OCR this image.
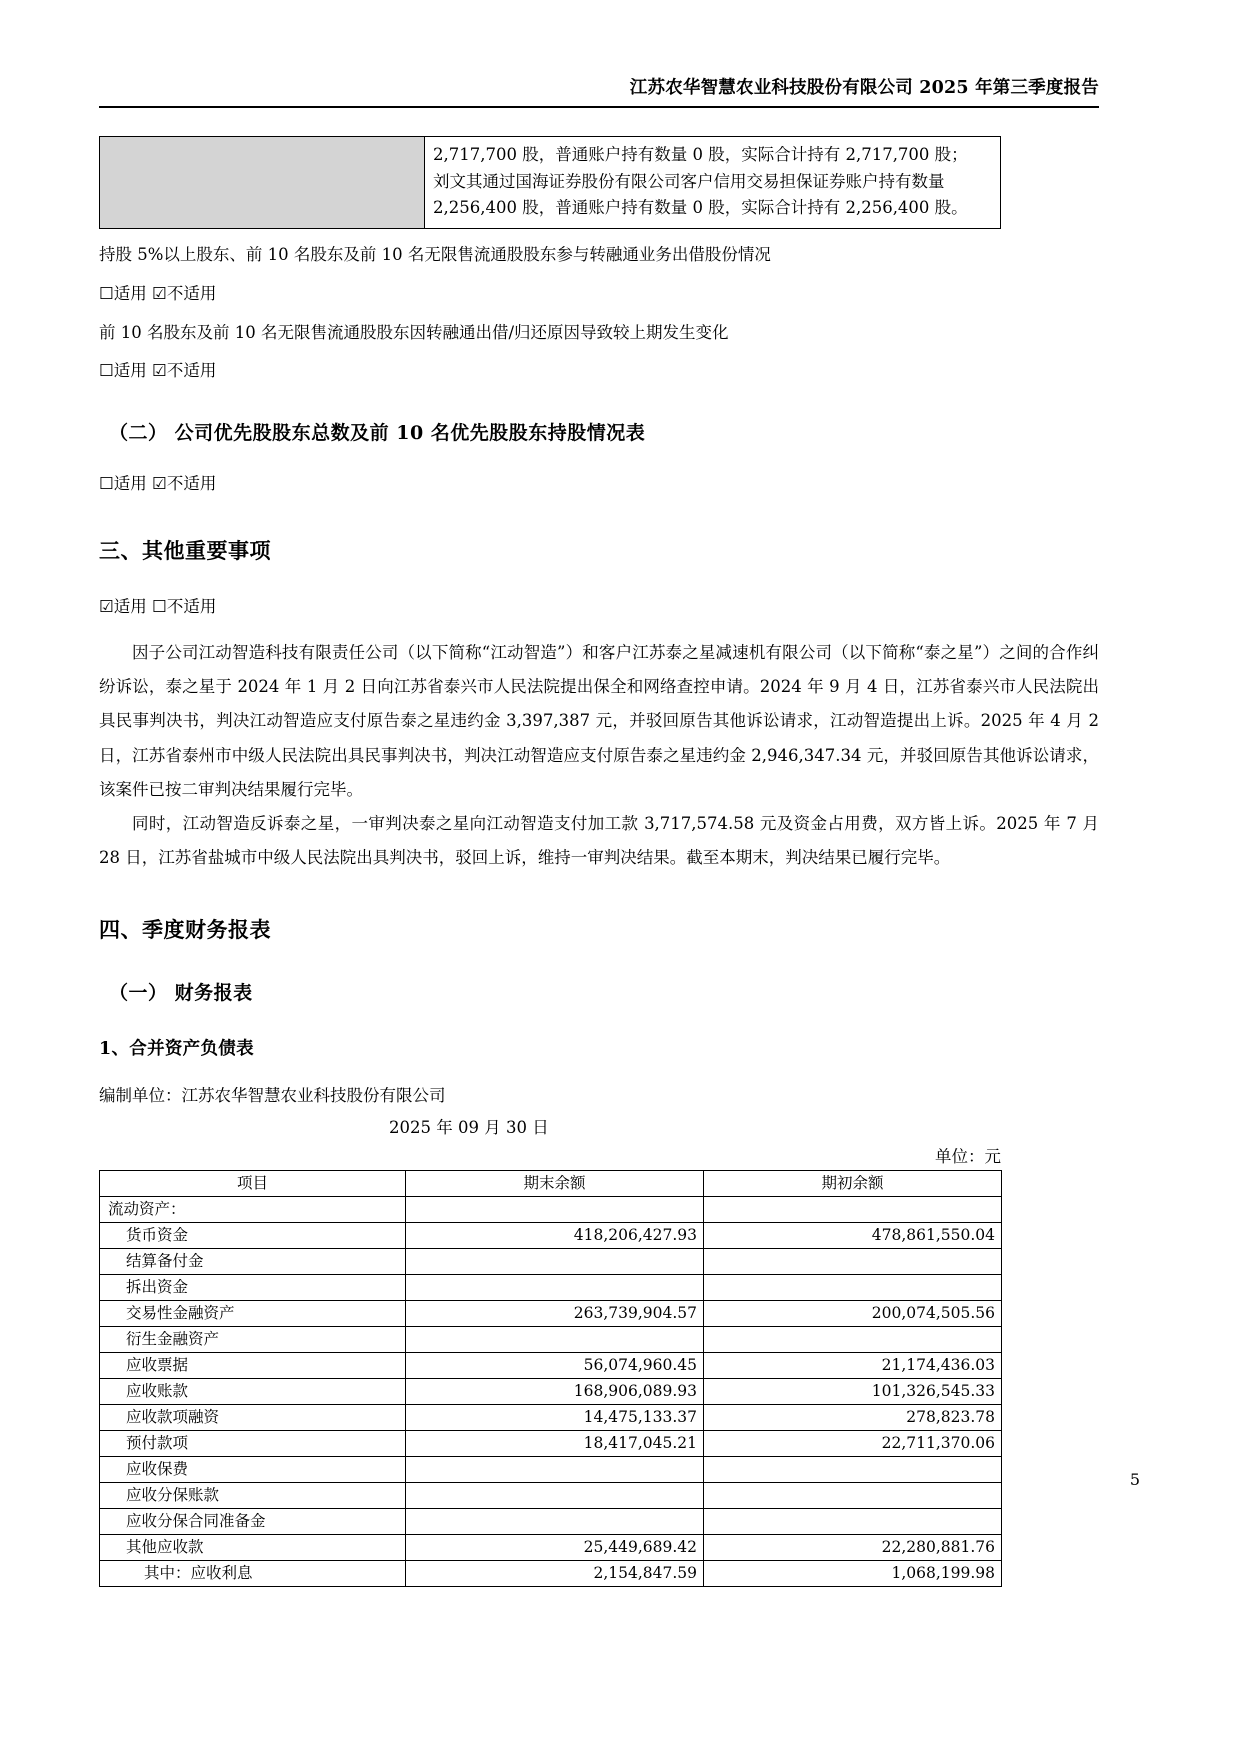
江苏农华智慧农业科技股份有限公司 2025 年第三季度报告

2,717,700 股，普通账户持有数量 0 股，实际合计持有 2,717,700 股；
刘文其通过国海证券股份有限公司客户信用交易担保证券账户持有数量
2,256,400 股，普通账户持有数量 0 股，实际合计持有 2,256,400 股。
持股 5%以上股东、前 10 名股东及前 10 名无限售流通股股东参与转融通业务出借股份情况
☐适用 ☑不适用
前 10 名股东及前 10 名无限售流通股股东因转融通出借/归还原因导致较上期发生变化
☐适用 ☑不适用
（二） 公司优先股股东总数及前 10 名优先股股东持股情况表
☐适用 ☑不适用
三、其他重要事项
☑适用 ☐不适用
因子公司江动智造科技有限责任公司（以下简称“江动智造”）和客户江苏泰之星减速机有限公司（以下简称“泰之星”）之间的合作纠纷诉讼，泰之星于 2024 年 1 月 2 日向江苏省泰兴市人民法院提出保全和网络查控申请。2024 年 9 月 4 日，江苏省泰兴市人民法院出具民事判决书，判决江动智造应支付原告泰之星违约金 3,397,387 元，并驳回原告其他诉讼请求，江动智造提出上诉。2025 年 4 月 2 日，江苏省泰州市中级人民法院出具民事判决书，判决江动智造应支付原告泰之星违约金 2,946,347.34 元，并驳回原告其他诉讼请求，该案件已按二审判决结果履行完毕。
同时，江动智造反诉泰之星，一审判决泰之星向江动智造支付加工款 3,717,574.58 元及资金占用费，双方皆上诉。2025 年 7 月 28 日，江苏省盐城市中级人民法院出具判决书，驳回上诉，维持一审判决结果。截至本期末，判决结果已履行完毕。
四、季度财务报表
（一） 财务报表
1、合并资产负债表
编制单位：江苏农华智慧农业科技股份有限公司
2025 年 09 月 30 日
单位：元
项目	期末余额	期初余额
流动资产：		
货币资金	418,206,427.93	478,861,550.04
结算备付金		
拆出资金		
交易性金融资产	263,739,904.57	200,074,505.56
衍生金融资产		
应收票据	56,074,960.45	21,174,436.03
应收账款	168,906,089.93	101,326,545.33
应收款项融资	14,475,133.37	278,823.78
预付款项	18,417,045.21	22,711,370.06
应收保费		
应收分保账款		
应收分保合同准备金		
其他应收款	25,449,689.42	22,280,881.76
其中：应收利息	2,154,847.59	1,068,199.98
5
